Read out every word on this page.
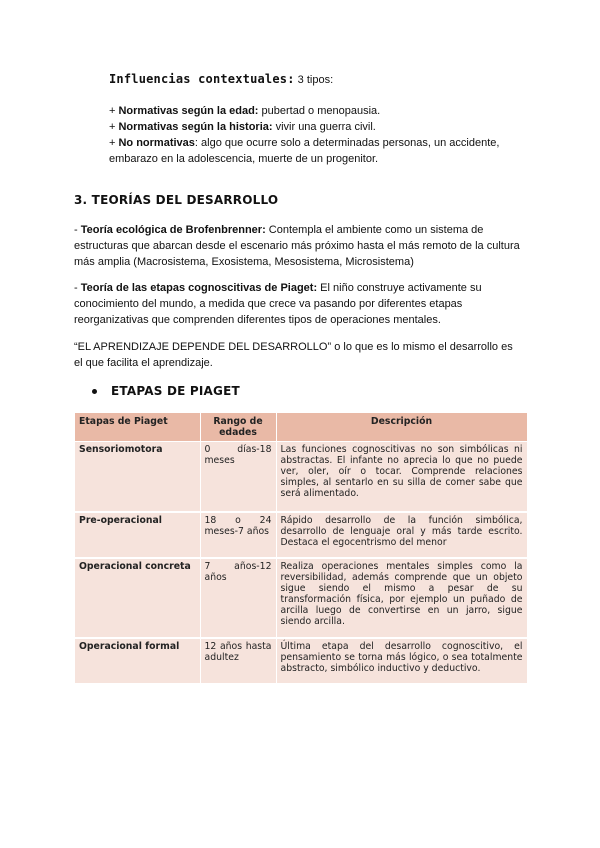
Influencias contextuales: 3 tipos:
+ Normativas según la edad: pubertad o menopausia.
+ Normativas según la historia: vivir una guerra civil.
+ No normativas: algo que ocurre solo a determinadas personas, un accidente,
embarazo en la adolescencia, muerte de un progenitor.
3. TEORÍAS DEL DESARROLLO
- Teoría ecológica de Brofenbrenner: Contempla el ambiente como un sistema de
estructuras que abarcan desde el escenario más próximo hasta el más remoto de la cultura
más amplia (Macrosistema, Exosistema, Mesosistema, Microsistema)
- Teoría de las etapas cognoscitivas de Piaget: El niño construye activamente su
conocimiento del mundo, a medida que crece va pasando por diferentes etapas
reorganizativas que comprenden diferentes tipos de operaciones mentales.
“EL APRENDIZAJE DEPENDE DEL DESARROLLO” o lo que es lo mismo el desarrollo es
el que facilita el aprendizaje.
ETAPAS DE PIAGET
Etapas de Piaget	Rango de edades	Descripción
Sensoriomotora	0 días-18 meses	Las funciones cognoscitivas no son simbólicas ni abstractas. El infante no aprecia lo que no puede ver, oler, oír o tocar. Comprende relaciones simples, al sentarlo en su silla de comer sabe que será alimentado.
Pre-operacional	18 o 24 meses-7 años	Rápido desarrollo de la función simbólica, desarrollo de lenguaje oral y más tarde escrito. Destaca el egocentrismo del menor
Operacional concreta	7 años-12 años	Realiza operaciones mentales simples como la reversibilidad, además comprende que un objeto sigue siendo el mismo a pesar de su transformación física, por ejemplo un puñado de arcilla luego de convertirse en un jarro, sigue siendo arcilla.
Operacional formal	12 años hasta adultez	Última etapa del desarrollo cognoscitivo, el pensamiento se torna más lógico, o sea totalmente abstracto, simbólico inductivo y deductivo.
